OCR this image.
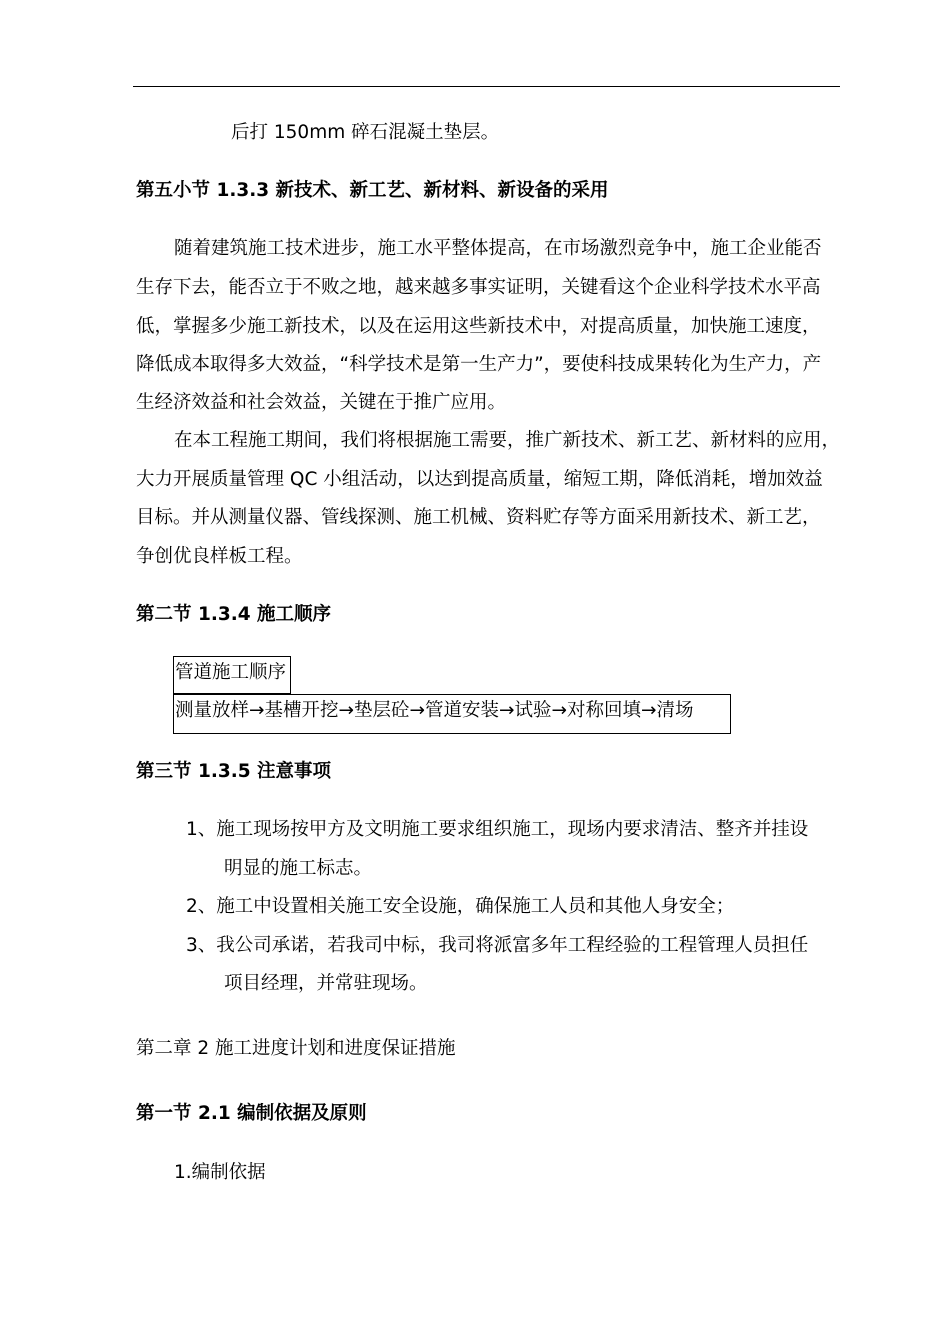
后打 150mm 碎石混凝土垫层。
第五小节 1.3.3 新技术、新工艺、新材料、新设备的采用
随着建筑施工技术进步，施工水平整体提高，在市场激烈竞争中，施工企业能否
生存下去，能否立于不败之地，越来越多事实证明，关键看这个企业科学技术水平高
低，掌握多少施工新技术，以及在运用这些新技术中，对提高质量，加快施工速度，
降低成本取得多大效益，“科学技术是第一生产力”，要使科技成果转化为生产力，产
生经济效益和社会效益，关键在于推广应用。
在本工程施工期间，我们将根据施工需要，推广新技术、新工艺、新材料的应用，
大力开展质量管理 QC 小组活动，以达到提高质量，缩短工期，降低消耗，增加效益
目标。并从测量仪器、管线探测、施工机械、资料贮存等方面采用新技术、新工艺，
争创优良样板工程。
第二节 1.3.4 施工顺序
管道施工顺序
测量放样→基槽开挖→垫层砼→管道安装→试验→对称回填→清场
第三节 1.3.5 注意事项
1、施工现场按甲方及文明施工要求组织施工，现场内要求清洁、整齐并挂设
明显的施工标志。
2、施工中设置相关施工安全设施，确保施工人员和其他人身安全；
3、我公司承诺，若我司中标，我司将派富多年工程经验的工程管理人员担任
项目经理，并常驻现场。
第二章 2 施工进度计划和进度保证措施
第一节 2.1 编制依据及原则
1.编制依据
